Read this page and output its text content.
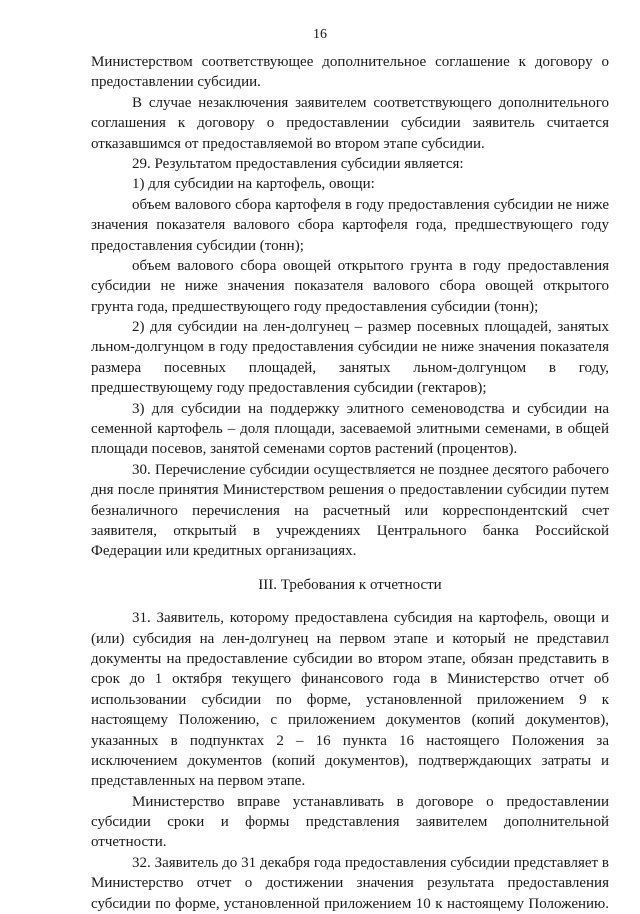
16
Министерством соответствующее дополнительное соглашение к договору о
предоставлении субсидии.
В случае незаключения заявителем соответствующего дополнительного
соглашения к договору о предоставлении субсидии заявитель считается
отказавшимся от предоставляемой во втором этапе субсидии.
29. Результатом предоставления субсидии является:
1) для субсидии на картофель, овощи:
объем валового сбора картофеля в году предоставления субсидии не ниже
значения показателя валового сбора картофеля года, предшествующего году
предоставления субсидии (тонн);
объем валового сбора овощей открытого грунта в году предоставления
субсидии не ниже значения показателя валового сбора овощей открытого
грунта года, предшествующего году предоставления субсидии (тонн);
2) для субсидии на лен-долгунец – размер посевных площадей, занятых
льном-долгунцом в году предоставления субсидии не ниже значения показателя
размера посевных площадей, занятых льном-долгунцом в году,
предшествующему году предоставления субсидии (гектаров);
3) для субсидии на поддержку элитного семеноводства и субсидии на
семенной картофель – доля площади, засеваемой элитными семенами, в общей
площади посевов, занятой семенами сортов растений (процентов).
30. Перечисление субсидии осуществляется не позднее десятого рабочего
дня после принятия Министерством решения о предоставлении субсидии путем
безналичного перечисления на расчетный или корреспондентский счет
заявителя, открытый в учреждениях Центрального банка Российской
Федерации или кредитных организациях.
III. Требования к отчетности
31. Заявитель, которому предоставлена субсидия на картофель, овощи и
(или) субсидия на лен-долгунец на первом этапе и который не представил
документы на предоставление субсидии во втором этапе, обязан представить в
срок до 1 октября текущего финансового года в Министерство отчет об
использовании субсидии по форме, установленной приложением 9 к
настоящему Положению, с приложением документов (копий документов),
указанных в подпунктах 2 – 16 пункта 16 настоящего Положения за
исключением документов (копий документов), подтверждающих затраты и
представленных на первом этапе.
Министерство вправе устанавливать в договоре о предоставлении
субсидии сроки и формы представления заявителем дополнительной
отчетности.
32. Заявитель до 31 декабря года предоставления субсидии представляет в
Министерство отчет о достижении значения результата предоставления
субсидии по форме, установленной приложением 10 к настоящему Положению.
